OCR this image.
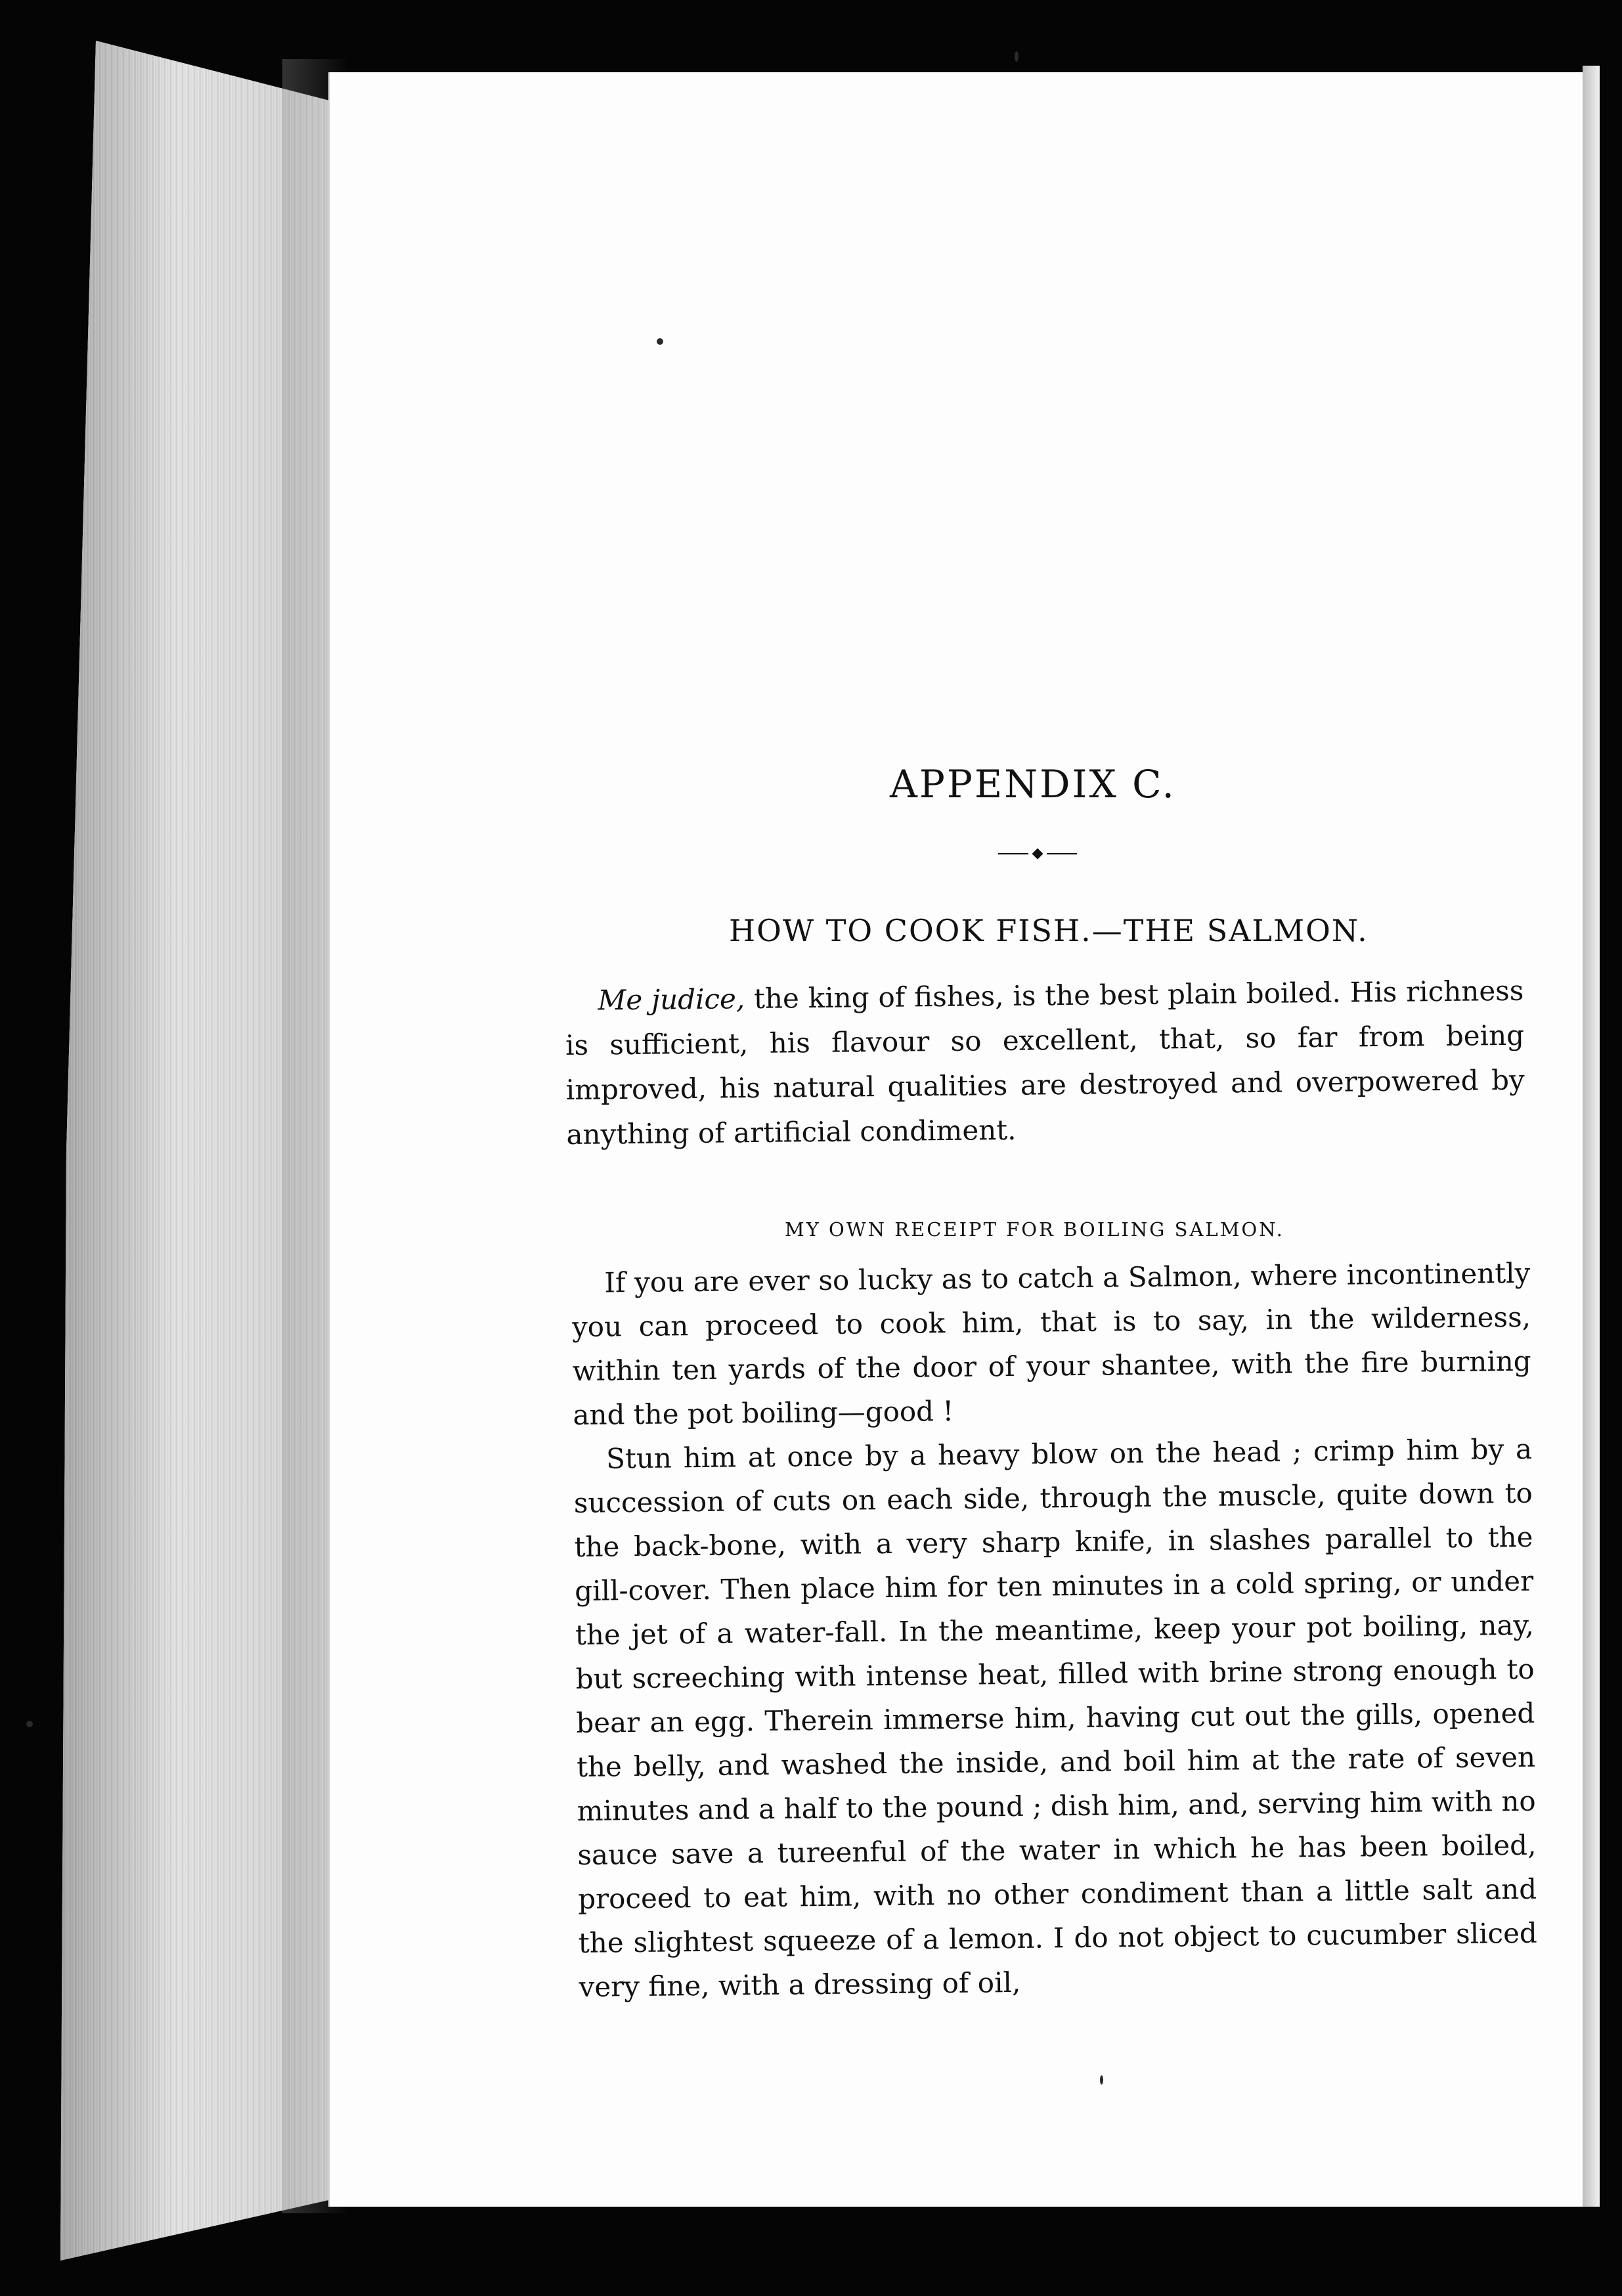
APPENDIX C.
HOW TO COOK FISH.—THE SALMON.

Me judice, the king of fishes, is the best plain boiled. His richness is sufficient, his flavour so excellent, that, so far from being improved, his natural qualities are destroyed and overpowered by anything of artificial condiment.

MY OWN RECEIPT FOR BOILING SALMON.

If you are ever so lucky as to catch a Salmon, where incontinently you can proceed to cook him, that is to say, in the wilderness, within ten yards of the door of your shantee, with the fire burning and the pot boiling—good !

Stun him at once by a heavy blow on the head ; crimp him by a succession of cuts on each side, through the muscle, quite down to the back-bone, with a very sharp knife, in slashes parallel to the gill-cover. Then place him for ten minutes in a cold spring, or under the jet of a water-fall. In the meantime, keep your pot boiling, nay, but screeching with intense heat, filled with brine strong enough to bear an egg. Therein immerse him, having cut out the gills, opened the belly, and washed the inside, and boil him at the rate of seven minutes and a half to the pound ; dish him, and, serving him with no sauce save a tureenful of the water in which he has been boiled, proceed to eat him, with no other condiment than a little salt and the slightest squeeze of a lemon. I do not object to cucumber sliced very fine, with a dressing of oil,
